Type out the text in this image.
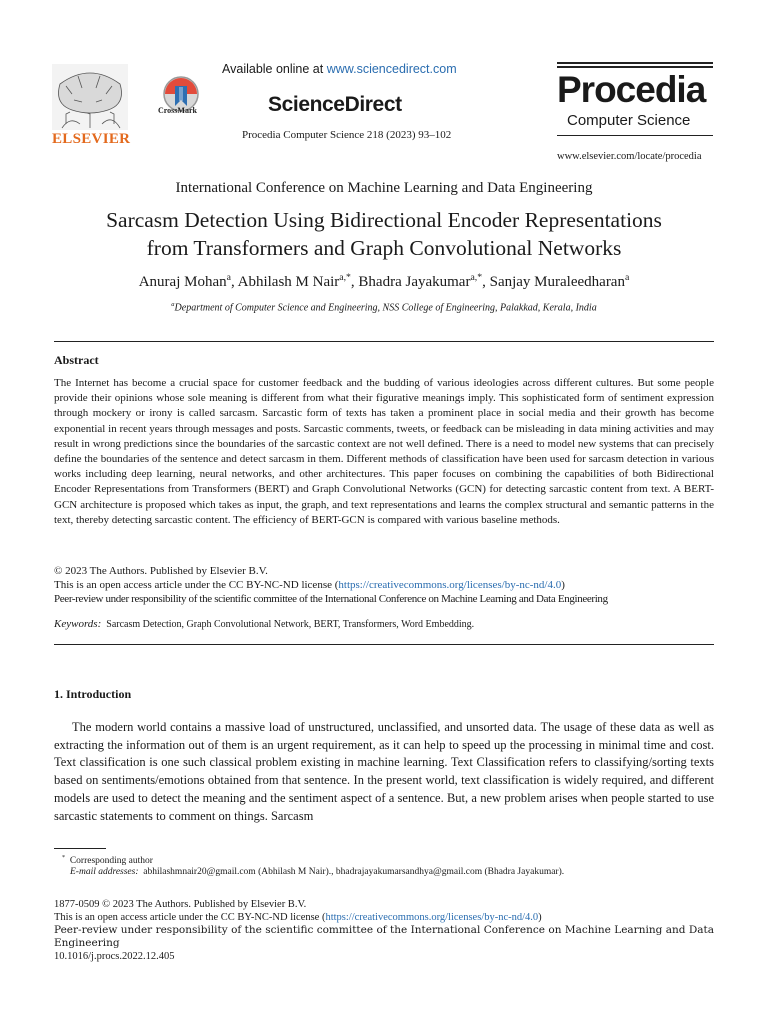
ELSEVIER
CrossMark
Available online at www.sciencedirect.com
ScienceDirect
Procedia Computer Science 218 (2023) 93–102
Procedia
Computer Science
www.elsevier.com/locate/procedia
International Conference on Machine Learning and Data Engineering
Sarcasm Detection Using Bidirectional Encoder Representations
from Transformers and Graph Convolutional Networks
Anuraj Mohan$^a$, Abhilash M Nair$^{a,*}$, Bhadra Jayakumar$^{a,*}$, Sanjay Muraleedharan$^a$
$^a$Department of Computer Science and Engineering, NSS College of Engineering, Palakkad, Kerala, India
Abstract
The Internet has become a crucial space for customer feedback and the budding of various ideologies across different cultures. But some people provide their opinions whose sole meaning is different from what their figurative meanings imply. This sophisticated form of sentiment expression through mockery or irony is called sarcasm. Sarcastic form of texts has taken a prominent place in social media and their growth has become exponential in recent years through messages and posts. Sarcastic comments, tweets, or feedback can be misleading in data mining activities and may result in wrong predictions since the boundaries of the sarcastic context are not well defined. There is a need to model new systems that can precisely define the boundaries of the sentence and detect sarcasm in them. Different methods of classification have been used for sarcasm detection in various works including deep learning, neural networks, and other architectures. This paper focuses on combining the capabilities of both Bidirectional Encoder Representations from Transformers (BERT) and Graph Convolutional Networks (GCN) for detecting sarcastic content from text. A BERT-GCN architecture is proposed which takes as input, the graph, and text representations and learns the complex structural and semantic patterns in the text, thereby detecting sarcastic content. The efficiency of BERT-GCN is compared with various baseline methods.
© 2023 The Authors. Published by Elsevier B.V.
This is an open access article under the CC BY-NC-ND license (https://creativecommons.org/licenses/by-nc-nd/4.0)
Peer-review under responsibility of the scientific committee of the International Conference on Machine Learning and Data Engineering
Keywords: Sarcasm Detection, Graph Convolutional Network, BERT, Transformers, Word Embedding.
1. Introduction
The modern world contains a massive load of unstructured, unclassified, and unsorted data. The usage of these data as well as extracting the information out of them is an urgent requirement, as it can help to speed up the processing in minimal time and cost. Text classification is one such classical problem existing in machine learning. Text Classification refers to classifying/sorting texts based on sentiments/emotions obtained from that sentence. In the present world, text classification is widely required, and different models are used to detect the meaning and the sentiment aspect of a sentence. But, a new problem arises when people started to use sarcastic statements to comment on things. Sarcasm
* Corresponding author
E-mail addresses: abhilashmnair20@gmail.com (Abhilash M Nair)., bhadrajayakumarsandhya@gmail.com (Bhadra Jayakumar).
1877-0509 © 2023 The Authors. Published by Elsevier B.V.
This is an open access article under the CC BY-NC-ND license (https://creativecommons.org/licenses/by-nc-nd/4.0)
Peer-review under responsibility of the scientific committee of the International Conference on Machine Learning and Data Engineering
10.1016/j.procs.2022.12.405
